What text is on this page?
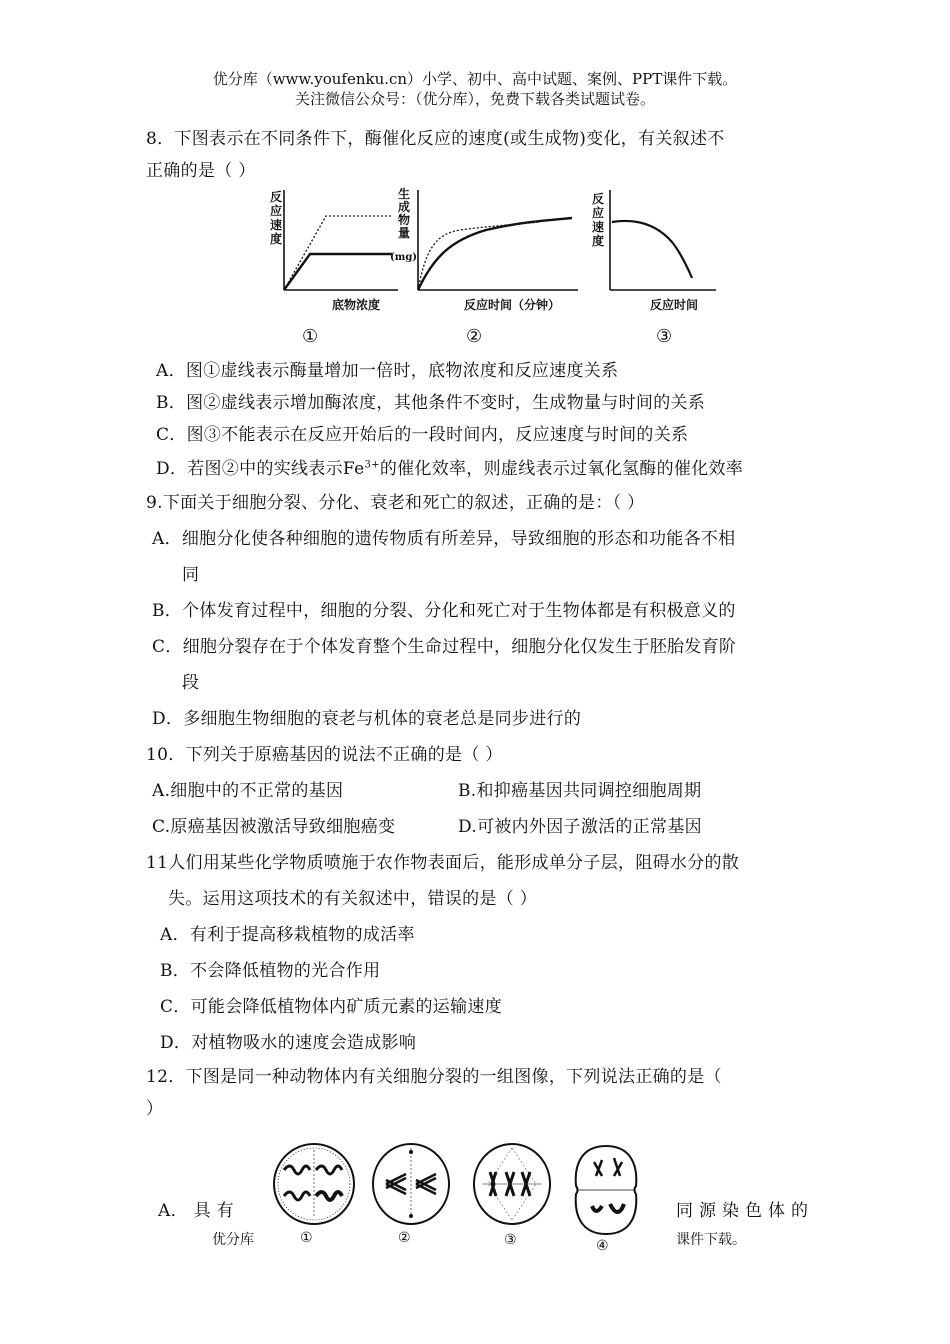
优分库（www.youfenku.cn）小学、初中、高中试题、案例、PPT课件下载。
关注微信公众号：（优分库），免费下载各类试题试卷。
8．下图表示在不同条件下，酶催化反应的速度(或生成物)变化，有关叙述不
正确的是（ ）
反
应
速
度
底物浓度
①
生
成
物
量
(mg)
反应时间（分钟）
②
反
应
速
度
反应时间
③
A．图①虚线表示酶量增加一倍时，底物浓度和反应速度关系
B．图②虚线表示增加酶浓度，其他条件不变时，生成物量与时间的关系
C．图③不能表示在反应开始后的一段时间内，反应速度与时间的关系
D．若图②中的实线表示$Fe^{3+}$的催化效率，则虚线表示过氧化氢酶的催化效率
9.下面关于细胞分裂、分化、衰老和死亡的叙述，正确的是：（ ）
A．细胞分化使各种细胞的遗传物质有所差异，导致细胞的形态和功能各不相
同
B．个体发育过程中，细胞的分裂、分化和死亡对于生物体都是有积极意义的
C．细胞分裂存在于个体发育整个生命过程中，细胞分化仅发生于胚胎发育阶
段
D．多细胞生物细胞的衰老与机体的衰老总是同步进行的
10．下列关于原癌基因的说法不正确的是（ ）
A.细胞中的不正常的基因	B.和抑癌基因共同调控细胞周期
C.原癌基因被激活导致细胞癌变	D.可被内外因子激活的正常基因
11人们用某些化学物质喷施于农作物表面后，能形成单分子层，阻碍水分的散
失。运用这项技术的有关叙述中，错误的是（ ）
A．有利于提高移栽植物的成活率
B．不会降低植物的光合作用
C．可能会降低植物体内矿质元素的运输速度
D．对植物吸水的速度会造成影响
12．下图是同一种动物体内有关细胞分裂的一组图像，下列说法正确的是（
）
A． 具 有	同 源 染 色 体 的
①	②	③	④
优分库	课件下载。
